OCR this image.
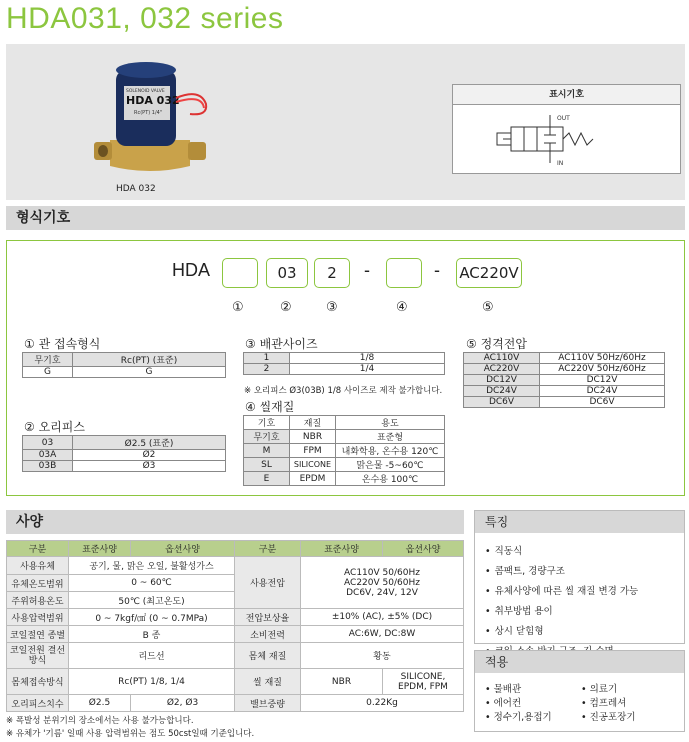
HDA031, 032 series
SOLENOID VALVE
HDA 032
Rc(PT) 1/4"
HDA 032
표시기호
OUT
IN
형식기호
HDA	03	2	-	- AC220V
①	②	③	④	⑤
① 관 접속형식
무기호	Rc(PT) (표준)
G	G
② 오리피스
03	Ø2.5 (표준)
03A	Ø2
03B	Ø3
③ 배관사이즈
1	1/8
2	1/4
※ 오리피스 Ø3(03B) 1/8 사이즈로 제작 불가합니다.
④ 씰재질
기호	재질	용도
무기호	NBR	표준형
M	FPM	내화학용, 온수용 120℃
SL	SILICONE	맑은물 -5~60℃
E	EPDM	온수용 100℃
⑤ 정격전압
AC110V	AC110V 50Hz/60Hz
AC220V	AC220V 50Hz/60Hz
DC12V	DC12V
DC24V	DC24V
DC6V	DC6V
사양
구분	표준사양	옵션사양	구분	표준사양	옵션사양
사용유체	공기, 물, 맑은 오일, 불활성가스		사용전압	AC110V 50/60Hz
AC220V 50/60Hz
DC6V, 24V, 12V	

유체온도범위	0 ~ 60℃				
주위허용온도	50℃ (최고온도)				
사용압력범위	0 ~ 7kgf/㎠ (0 ~ 0.7MPa)		전압보상율	±10% (AC), ±5% (DC)	
코일절연 종별	B 종		소비전력	AC:6W, DC:8W	
코일전원 결선방식	리드선		몸체 재질	황동	
몸체접속방식	Rc(PT) 1/8, 1/4		씰 재질	NBR	SILICONE, EPDM, FPM
오리피스치수	Ø2.5	Ø2, Ø3	밸브중량	0.22Kg	
※ 폭발성 분위기의 장소에서는 사용 불가능합니다.
※ 유체가 '기름' 일때 사용 압력범위는 점도 50cst일때 기준입니다.
특징
• 직동식
• 콤팩트, 경량구조
• 유체사양에 따른 씰 재질 변경 가능
• 취부방법 용이
• 상시 닫힘형
•
적용
• 물배관	• 의료기
• 에어컨	• 컴프레셔
• 정수기,용접기	• 진공포장기
